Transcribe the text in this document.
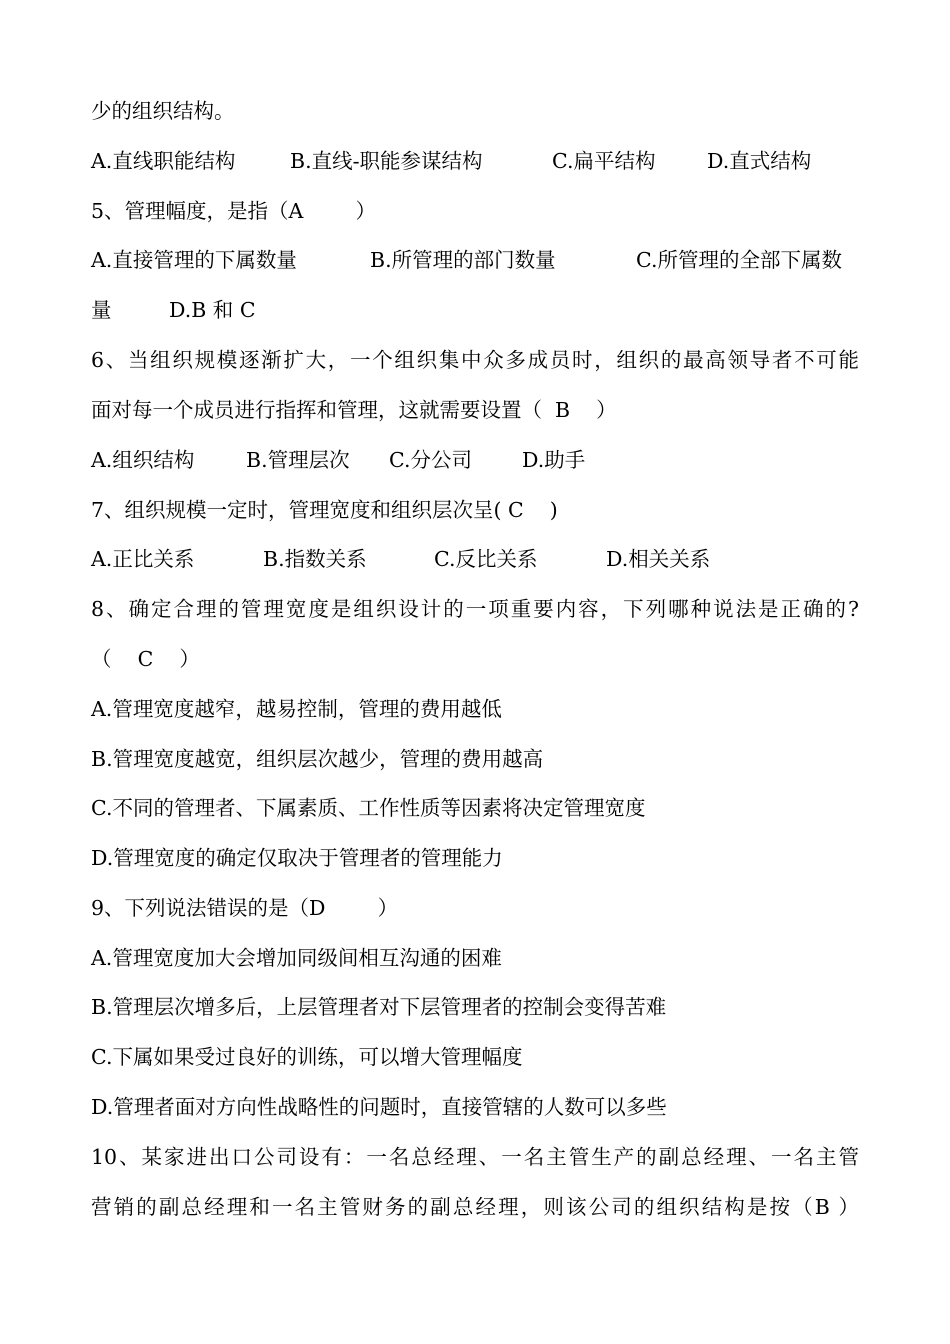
少的组织结构。

A.直线职能结构

	B.直线-职能参谋结构

	C.扁平结构

	D.直式结构

5、管理幅度，是指（A        ）

A.直接管理的下属数量

	B.所管理的部门数量

	C.所管理的全部下属数

量

	D.B 和 C

6、当组织规模逐渐扩大，一个组织集中众多成员时，组织的最高领导者不可能
面对每一个成员进行指挥和管理，这就需要设置（  B    ）

A.组织结构

	B.管理层次

C.分公司

D.助手

7、组织规模一定时，管理宽度和组织层次呈( C    )

A.正比关系

	B.指数关系

	C.反比关系

	D.相关关系

8、确定合理的管理宽度是组织设计的一项重要内容，下列哪种说法是正确的?
（    C    ）
A.管理宽度越窄，越易控制，管理的费用越低
B.管理宽度越宽，组织层次越少，管理的费用越高
C.不同的管理者、下属素质、工作性质等因素将决定管理宽度
D.管理宽度的确定仅取决于管理者的管理能力
9、下列说法错误的是（D        ）
A.管理宽度加大会增加同级间相互沟通的困难
B.管理层次增多后，上层管理者对下层管理者的控制会变得苦难
C.下属如果受过良好的训练，可以增大管理幅度
D.管理者面对方向性战略性的问题时，直接管辖的人数可以多些
10、某家进出口公司设有：一名总经理、一名主管生产的副总经理、一名主管
营销的副总经理和一名主管财务的副总经理，则该公司的组织结构是按（B ）
